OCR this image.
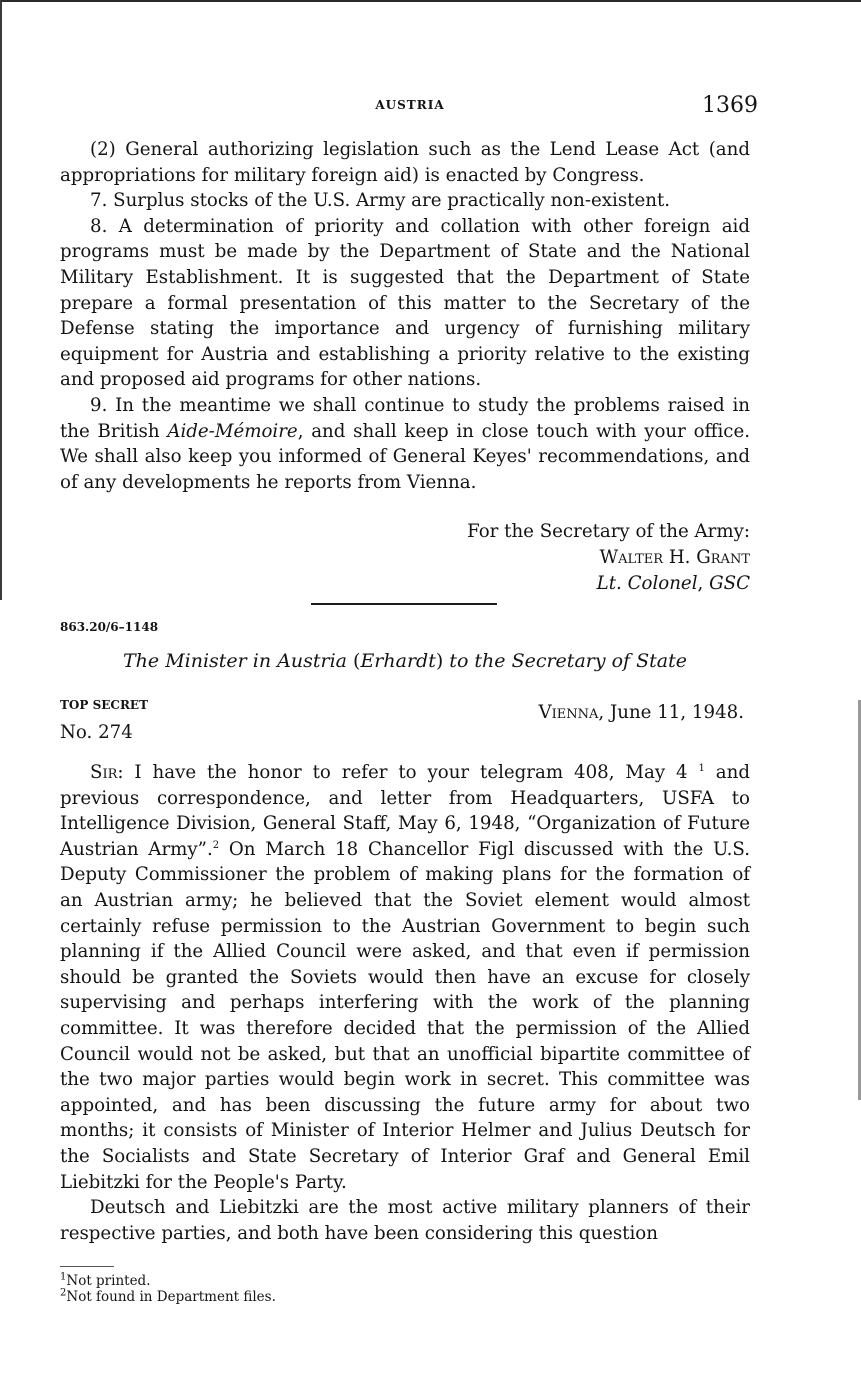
AUSTRIA	1369

(2) General authorizing legislation such as the Lend Lease Act (and appropriations for military foreign aid) is enacted by Congress.

7. Surplus stocks of the U.S. Army are practically non-existent.

8. A determination of priority and collation with other foreign aid programs must be made by the Department of State and the National Military Establishment. It is suggested that the Department of State prepare a formal presentation of this matter to the Secretary of the Defense stating the importance and urgency of furnishing military equipment for Austria and establishing a priority relative to the existing and proposed aid programs for other nations.

9. In the meantime we shall continue to study the problems raised in the British Aide-Mémoire, and shall keep in close touch with your office. We shall also keep you informed of General Keyes' recommendations, and of any developments he reports from Vienna.

For the Secretary of the Army:
Walter H. Grant
Lt. Colonel, GSC
863.20/6–1148
The Minister in Austria (Erhardt) to the Secretary of State
TOP SECRET	Vienna, June 11, 1948.
No. 274

Sir: I have the honor to refer to your telegram 408, May 4 $^1$ and previous correspondence, and letter from Headquarters, USFA to Intelligence Division, General Staff, May 6, 1948, “Organization of Future Austrian Army”.$^2$ On March 18 Chancellor Figl discussed with the U.S. Deputy Commissioner the problem of making plans for the formation of an Austrian army; he believed that the Soviet element would almost certainly refuse permission to the Austrian Government to begin such planning if the Allied Council were asked, and that even if permission should be granted the Soviets would then have an excuse for closely supervising and perhaps interfering with the work of the planning committee. It was therefore decided that the permission of the Allied Council would not be asked, but that an unofficial bipartite committee of the two major parties would begin work in secret. This committee was appointed, and has been discussing the future army for about two months; it consists of Minister of Interior Helmer and Julius Deutsch for the Socialists and State Secretary of Interior Graf and General Emil Liebitzki for the People's Party.

Deutsch and Liebitzki are the most active military planners of their respective parties, and both have been considering this question

$^1$Not printed.
$^2$Not found in Department files.
